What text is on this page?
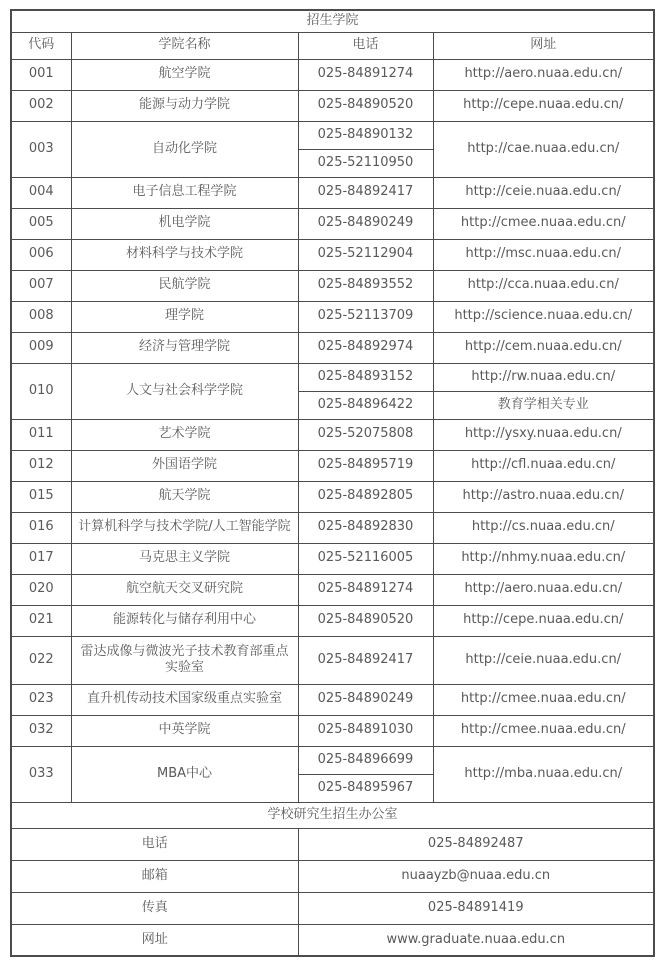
招生学院			
代码	学院名称	电话	网址
001	航空学院	025-84891274	http://aero.nuaa.edu.cn/
002	能源与动力学院	025-84890520	http://cepe.nuaa.edu.cn/
003	自动化学院	025-84890132	http://cae.nuaa.edu.cn/
		025-52110950	
004	电子信息工程学院	025-84892417	http://ceie.nuaa.edu.cn/
005	机电学院	025-84890249	http://cmee.nuaa.edu.cn/
006	材料科学与技术学院	025-52112904	http://msc.nuaa.edu.cn/
007	民航学院	025-84893552	http://cca.nuaa.edu.cn/
008	理学院	025-52113709	http://science.nuaa.edu.cn/
009	经济与管理学院	025-84892974	http://cem.nuaa.edu.cn/
010	人文与社会科学学院	025-84893152	http://rw.nuaa.edu.cn/
		025-84896422	教育学相关专业
011	艺术学院	025-52075808	http://ysxy.nuaa.edu.cn/
012	外国语学院	025-84895719	http://cfl.nuaa.edu.cn/
015	航天学院	025-84892805	http://astro.nuaa.edu.cn/
016	计算机科学与技术学院/人工智能学院	025-84892830	http://cs.nuaa.edu.cn/
017	马克思主义学院	025-52116005	http://nhmy.nuaa.edu.cn/
020	航空航天交叉研究院	025-84891274	http://aero.nuaa.edu.cn/
021	能源转化与储存利用中心	025-84890520	http://cepe.nuaa.edu.cn/
022	雷达成像与微波光子技术教育部重点实验室	025-84892417	http://ceie.nuaa.edu.cn/
023	直升机传动技术国家级重点实验室	025-84890249	http://cmee.nuaa.edu.cn/
032	中英学院	025-84891030	http://cmee.nuaa.edu.cn/
033	MBA中心	025-84896699	http://mba.nuaa.edu.cn/
		025-84895967	
学校研究生招生办公室			
电话		025-84892487	
邮箱		nuaayzb@nuaa.edu.cn	
传真		025-84891419	
网址		www.graduate.nuaa.edu.cn	
